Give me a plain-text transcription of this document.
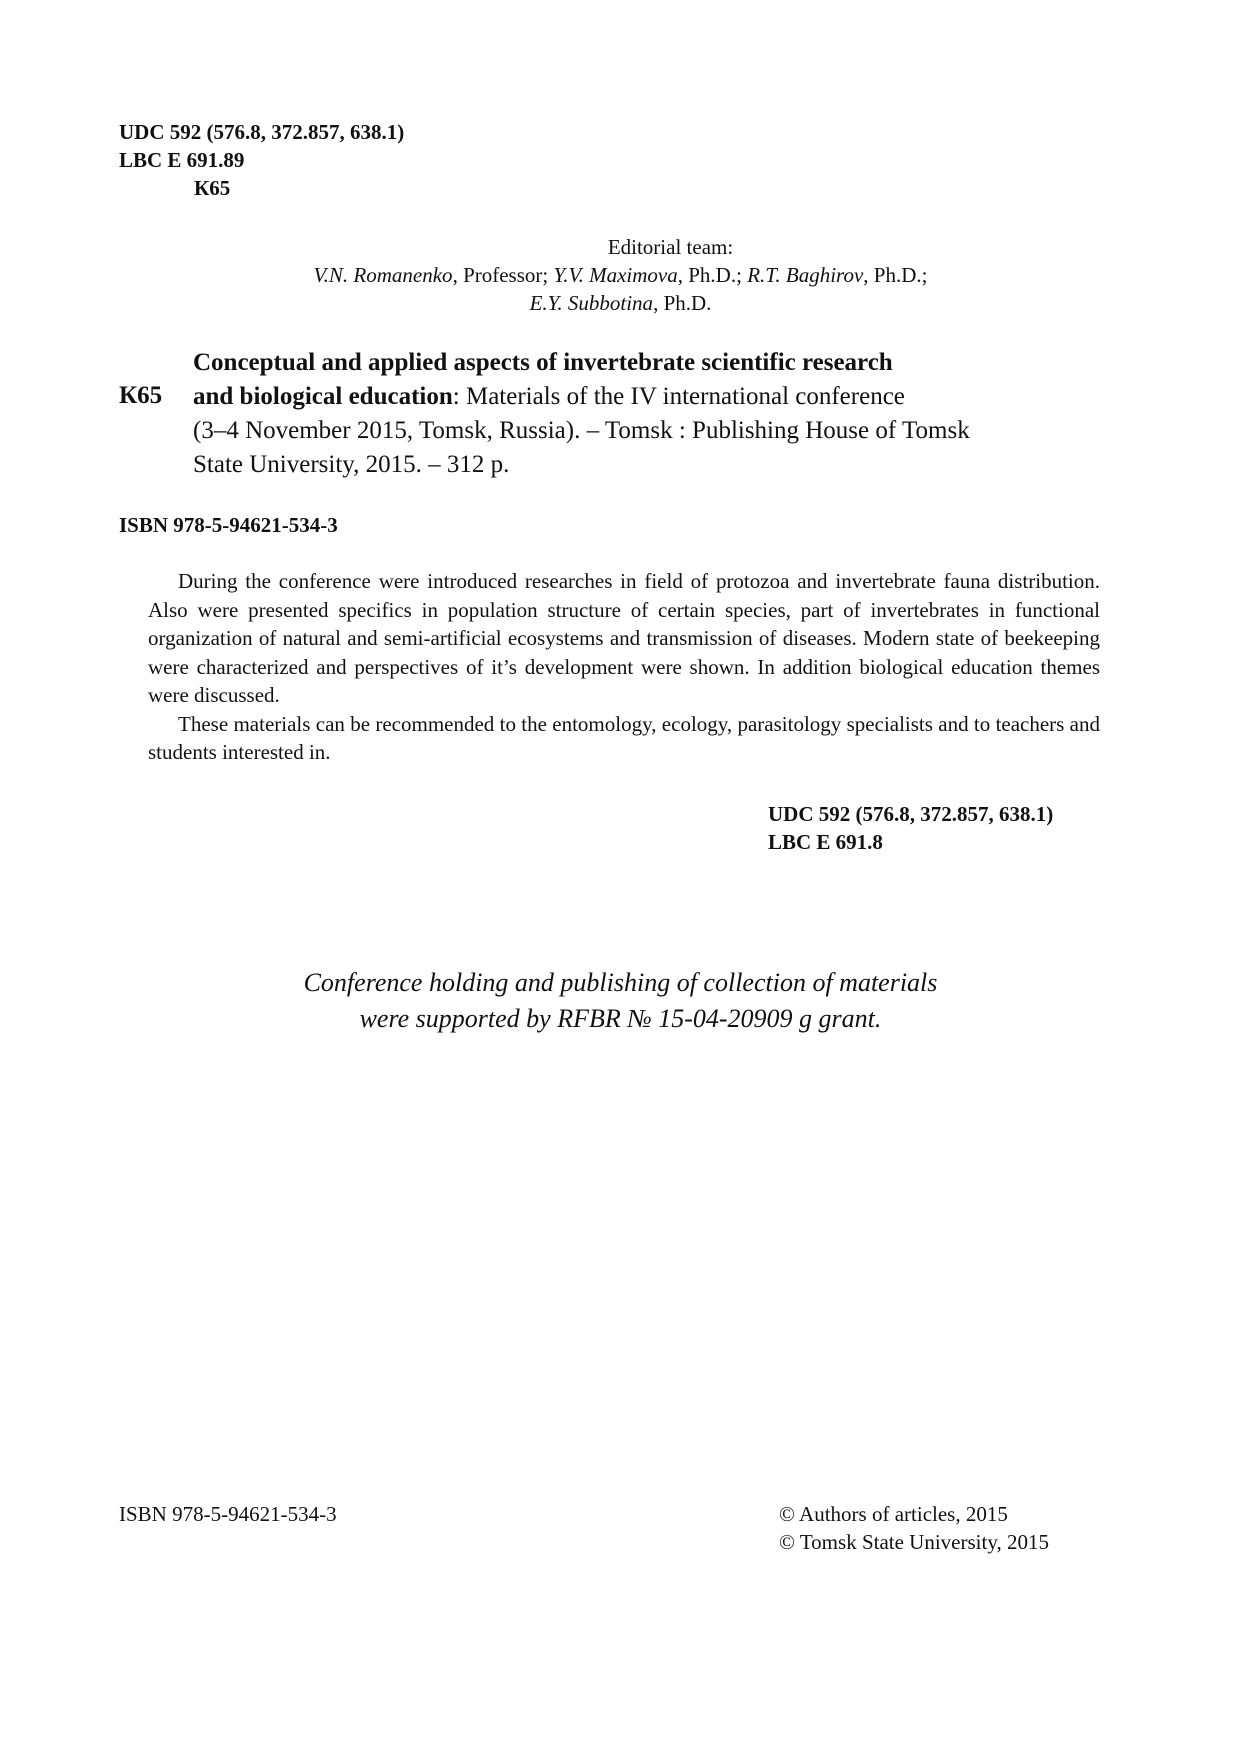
UDC 592 (576.8, 372.857, 638.1)
LBC E 691.89
К65
Editorial team:
V.N. Romanenko, Professor; Y.V. Maximova, Ph.D.; R.T. Baghirov, Ph.D.;
E.Y. Subbotina, Ph.D.
К65
Conceptual and applied aspects of invertebrate scientific research
and biological education: Materials of the IV international conference
(3–4 November 2015, Tomsk, Russia). – Tomsk : Publishing House of Tomsk
State University, 2015. – 312 p.
ISBN 978-5-94621-534-3

During the conference were introduced researches in field of protozoa and invertebrate fauna distribution. Also were presented specifics in population structure of certain species, part of invertebrates in functional organization of natural and semi-artificial ecosystems and transmission of diseases. Modern state of beekeeping were characterized and perspectives of it’s development were shown. In addition biological education themes were discussed.

These materials can be recommended to the entomology, ecology, parasitology specialists and to teachers and students interested in.

UDC 592 (576.8, 372.857, 638.1)
LBC E 691.8
Conference holding and publishing of collection of materials
were supported by RFBR № 15-04-20909 g grant.
ISBN 978-5-94621-534-3	© Authors of articles, 2015
© Tomsk State University, 2015
